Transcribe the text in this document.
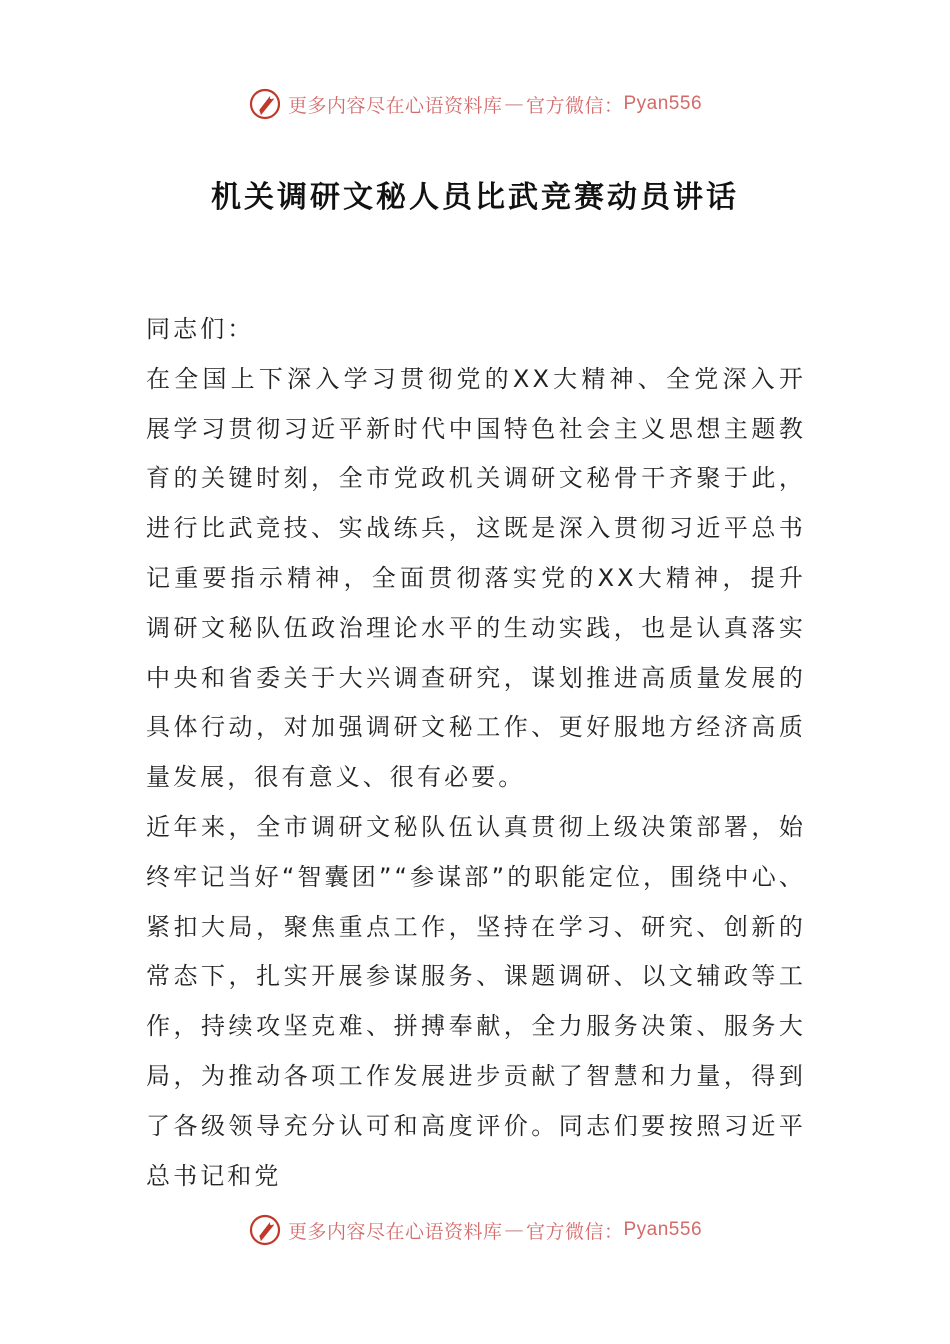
更多内容尽在心语资料库 — 官方微信： Pyan556
机关调研文秘人员比武竞赛动员讲话

同志们：

在全国上下深入学习贯彻党的XX大精神、全党深入开展学习贯彻习近平新时代中国特色社会主义思想主题教育的关键时刻，全市党政机关调研文秘骨干齐聚于此，进行比武竞技、实战练兵，这既是深入贯彻习近平总书记重要指示精神，全面贯彻落实党的XX大精神，提升调研文秘队伍政治理论水平的生动实践，也是认真落实中央和省委关于大兴调查研究，谋划推进高质量发展的具体行动，对加强调研文秘工作、更好服地方经济高质量发展，很有意义、很有必要。

近年来，全市调研文秘队伍认真贯彻上级决策部署，始终牢记当好“智囊团”“参谋部”的职能定位，围绕中心、紧扣大局，聚焦重点工作，坚持在学习、研究、创新的常态下，扎实开展参谋服务、课题调研、以文辅政等工作，持续攻坚克难、拼搏奉献，全力服务决策、服务大局，为推动各项工作发展进步贡献了智慧和力量，得到了各级领导充分认可和高度评价。同志们要按照习近平总书记和党

更多内容尽在心语资料库 — 官方微信： Pyan556
